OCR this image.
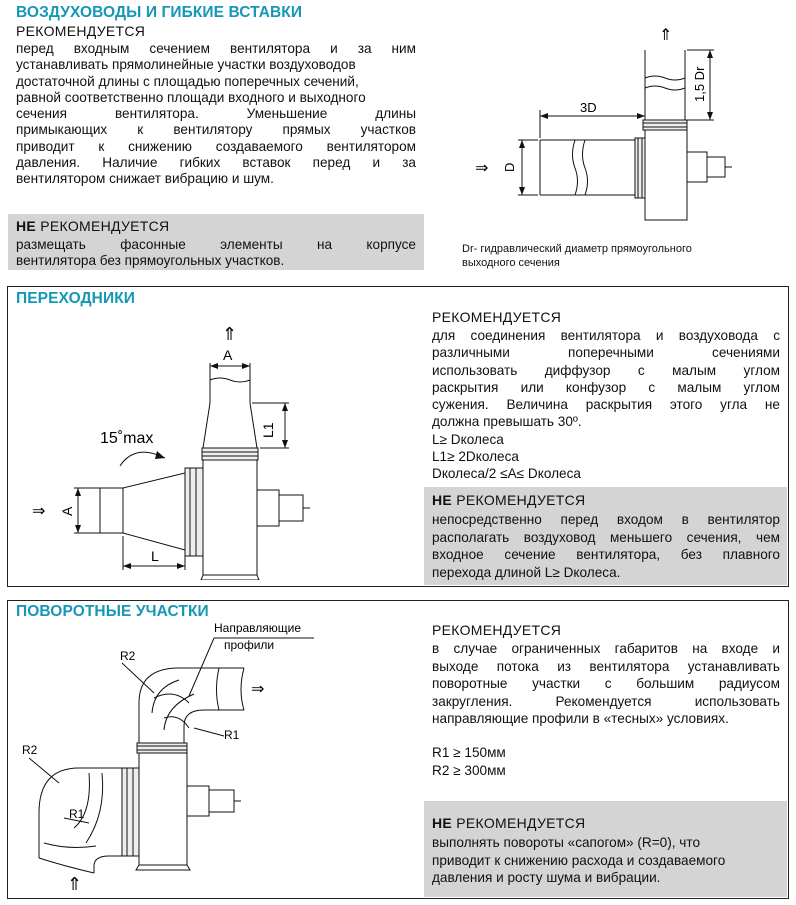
ВОЗДУХОВОДЫ И ГИБКИЕ ВСТАВКИ
РЕКОМЕНДУЕТСЯ
перед входным сечением вентилятора и за ним
устанавливать прямолинейные участки воздуховодов
достаточной длины с площадью поперечных сечений,
равной соответственно площади входного и выходного
сечения вентилятора. Уменьшение длины
примыкающих к вентилятору прямых участков
приводит к снижению создаваемого вентилятором
давления. Наличие гибких вставок перед и за
вентилятором снижает вибрацию и шум.
НЕ РЕКОМЕНДУЕТСЯ
размещать фасонные элементы на корпусе
вентилятора без прямоугольных участков.
3D
D
1,5 Dr
⇑
⇒
Dr- гидравлический диаметр прямоугольного
выходного сечения
ПЕРЕХОДНИКИ
15˚max
A
L1
A
L
⇑
⇒
РЕКОМЕНДУЕТСЯ
для соединения вентилятора и воздуховода с
различными поперечными сечениями
использовать диффузор с малым углом
раскрытия или конфузор с малым углом
сужения. Величина раскрытия этого угла не
должна превышать 30º.
L≥ Dколеса
L1≥ 2Dколеса
Dколеса/2 ≤A≤ Dколеса
НЕ РЕКОМЕНДУЕТСЯ
непосредственно перед входом в вентилятор
располагать воздуховод меньшего сечения, чем
входное сечение вентилятора, без плавного
перехода длиной L≥ Dколеса.
ПОВОРОТНЫЕ УЧАСТКИ
Направляющие
профили
R2
R1
R2
R1
⇑
⇒
РЕКОМЕНДУЕТСЯ
в случае ограниченных габаритов на входе и
выходе потока из вентилятора устанавливать
поворотные участки с большим радиусом
закругления. Рекомендуется использовать
направляющие профили в «тесных» условиях.
R1 ≥ 150мм
R2 ≥ 300мм
НЕ РЕКОМЕНДУЕТСЯ
выполнять повороты «сапогом» (R=0), что
приводит к снижению расхода и создаваемого
давления и росту шума и вибрации.
